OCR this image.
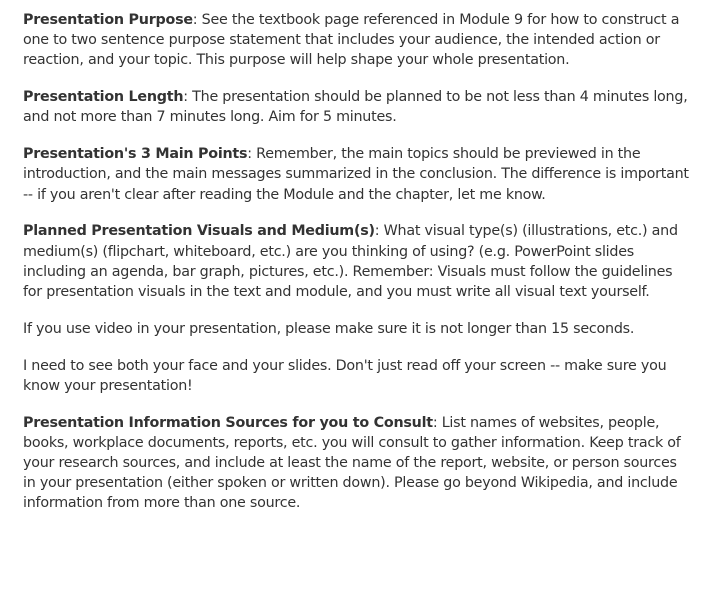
Presentation Purpose: See the textbook page referenced in Module 9 for how to construct a one to two sentence purpose statement that includes your audience, the intended action or reaction, and your topic. This purpose will help shape your whole presentation.

Presentation Length: The presentation should be planned to be not less than 4 minutes long, and not more than 7 minutes long. Aim for 5 minutes.

Presentation's 3 Main Points: Remember, the main topics should be previewed in the introduction, and the main messages summarized in the conclusion. The difference is important -- if you aren't clear after reading the Module and the chapter, let me know.

Planned Presentation Visuals and Medium(s): What visual type(s) (illustrations, etc.) and medium(s) (flipchart, whiteboard, etc.) are you thinking of using? (e.g. PowerPoint slides including an agenda, bar graph, pictures, etc.). Remember: Visuals must follow the guidelines for presentation visuals in the text and module, and you must write all visual text yourself.

If you use video in your presentation, please make sure it is not longer than 15 seconds.

I need to see both your face and your slides. Don't just read off your screen -- make sure you know your presentation!

Presentation Information Sources for you to Consult: List names of websites, people, books, workplace documents, reports, etc. you will consult to gather information. Keep track of your research sources, and include at least the name of the report, website, or person sources in your presentation (either spoken or written down). Please go beyond Wikipedia, and include information from more than one source.
